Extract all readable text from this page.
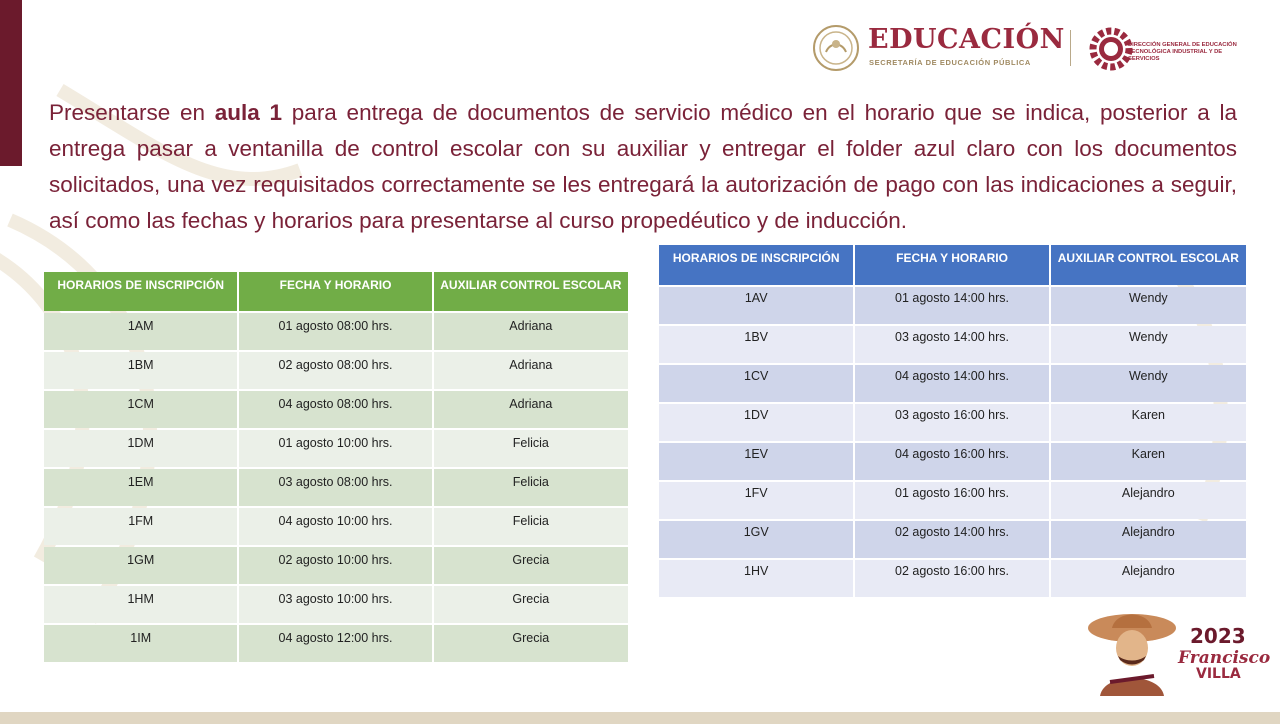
EDUCACIÓN
SECRETARÍA DE EDUCACIÓN PÚBLICA
DIRECCIÓN GENERAL DE EDUCACIÓN TECNOLÓGICA INDUSTRIAL Y DE SERVICIOS

Presentarse en aula 1 para entrega de documentos de servicio médico en el horario que se indica, posterior a la entrega pasar a ventanilla de control escolar con su auxiliar y entregar el folder azul claro con los documentos solicitados, una vez requisitados correctamente se les entregará la autorización de pago con las indicaciones a seguir, así como las fechas y horarios para presentarse al curso propedéutico y de inducción.

HORARIOS DE INSCRIPCIÓN	FECHA Y HORARIO	AUXILIAR CONTROL ESCOLAR
1AM	01 agosto 08:00 hrs.	Adriana
1BM	02 agosto 08:00 hrs.	Adriana
1CM	04 agosto 08:00 hrs.	Adriana
1DM	01 agosto 10:00 hrs.	Felicia
1EM	03 agosto 08:00 hrs.	Felicia
1FM	04 agosto 10:00 hrs.	Felicia
1GM	02 agosto 10:00 hrs.	Grecia
1HM	03 agosto 10:00 hrs.	Grecia
1IM	04 agosto 12:00 hrs.	Grecia
HORARIOS DE INSCRIPCIÓN	FECHA Y HORARIO	AUXILIAR CONTROL ESCOLAR
1AV	01 agosto 14:00 hrs.	Wendy
1BV	03 agosto 14:00 hrs.	Wendy
1CV	04 agosto 14:00 hrs.	Wendy
1DV	03 agosto 16:00 hrs.	Karen
1EV	04 agosto 16:00 hrs.	Karen
1FV	01 agosto 16:00 hrs.	Alejandro
1GV	02 agosto 14:00 hrs.	Alejandro
1HV	02 agosto 16:00 hrs.	Alejandro
2023
Francisco
VILLA
